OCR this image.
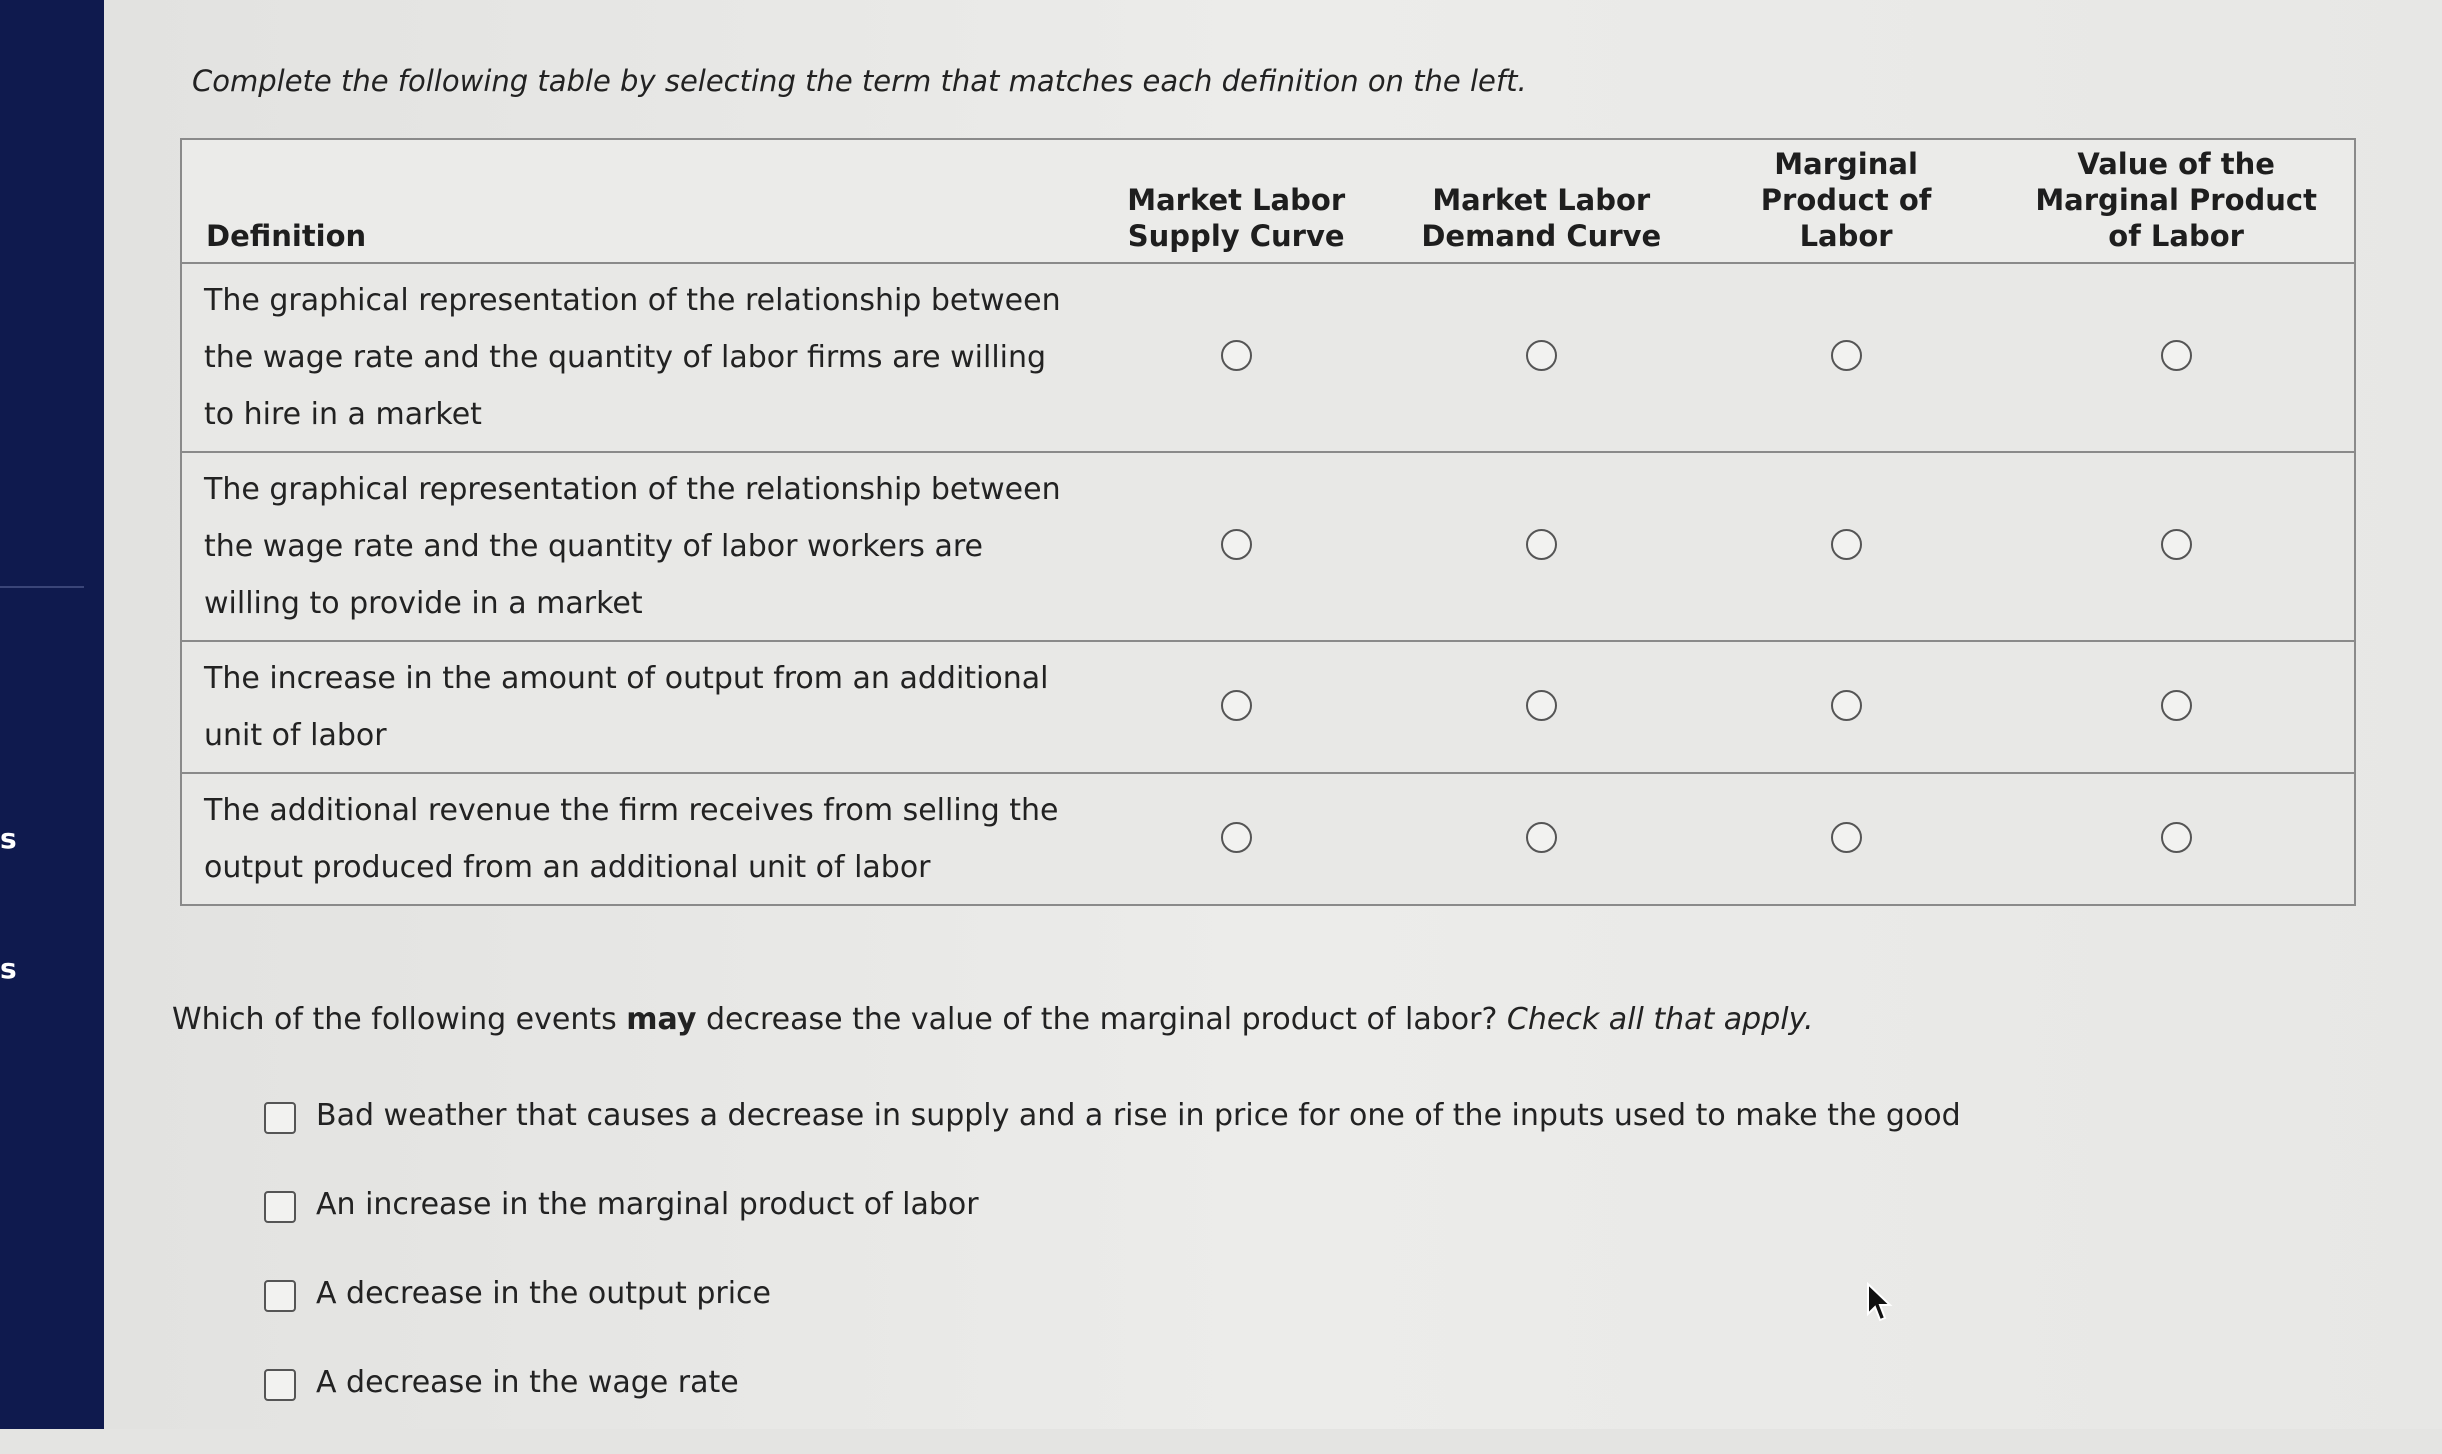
s
s
Complete the following table by selecting the term that matches each definition on the left.
Definition	Market Labor Supply Curve	Market Labor Demand Curve	Marginal Product of Labor	Value of the Marginal Product of Labor

The graphical representation of the relationship between the wage rate and the quantity of labor firms are willing to hire in a market				
The graphical representation of the relationship between the wage rate and the quantity of labor workers are willing to provide in a market				
The increase in the amount of output from an additional unit of labor				
The additional revenue the firm receives from selling the output produced from an additional unit of labor				
Which of the following events may decrease the value of the marginal product of labor? Check all that apply.
Bad weather that causes a decrease in supply and a rise in price for one of the inputs used to make the good
An increase in the marginal product of labor
A decrease in the output price
A decrease in the wage rate
